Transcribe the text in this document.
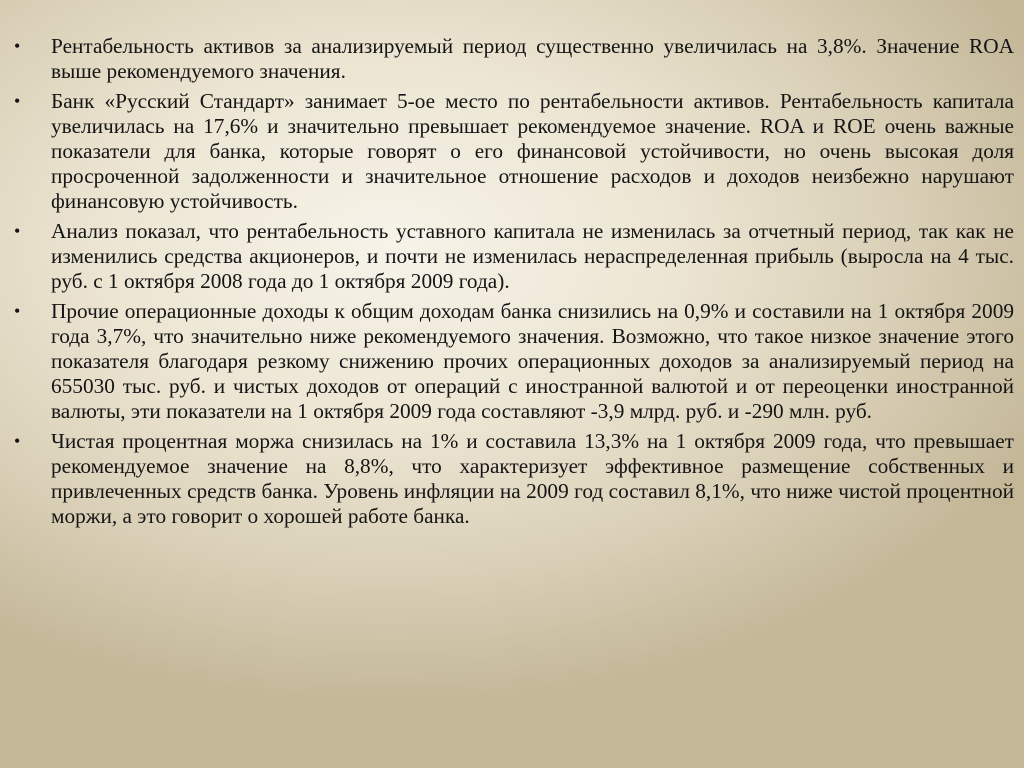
•	Рентабельность активов за анализируемый период существенно увеличилась на 3,8%. Значение ROA выше рекомендуемого значения.
•	Банк «Русский Стандарт» занимает 5-ое место по рентабельности активов. Рентабельность капитала увеличилась на 17,6% и значительно превышает рекомендуемое значение. ROA и ROE очень важные показатели для банка, которые говорят о его финансовой устойчивости, но очень высокая доля просроченной задолженности и значительное отношение расходов и доходов неизбежно нарушают финансовую устойчивость.
•	Анализ показал, что рентабельность уставного капитала не изменилась за отчетный период, так как не изменились средства акционеров, и почти не изменилась нераспределенная прибыль (выросла на 4 тыс. руб. с 1 октября 2008 года до 1 октября 2009 года).
•	Прочие операционные доходы к общим доходам банка снизились на 0,9% и составили на 1 октября 2009 года 3,7%, что значительно ниже рекомендуемого значения. Возможно, что такое низкое значение этого показателя благодаря резкому снижению прочих операционных доходов за анализируемый период на 655030 тыс. руб. и чистых доходов от операций с иностранной валютой и от переоценки иностранной валюты, эти показатели на 1 октября 2009 года составляют -3,9 млрд. руб. и -290 млн. руб.
•	Чистая процентная моржа снизилась на 1% и составила 13,3% на 1 октября 2009 года, что превышает рекомендуемое значение на 8,8%, что характеризует эффективное размещение собственных и привлеченных средств банка. Уровень инфляции на 2009 год составил 8,1%, что ниже чистой процентной моржи, а это говорит о хорошей работе банка.
